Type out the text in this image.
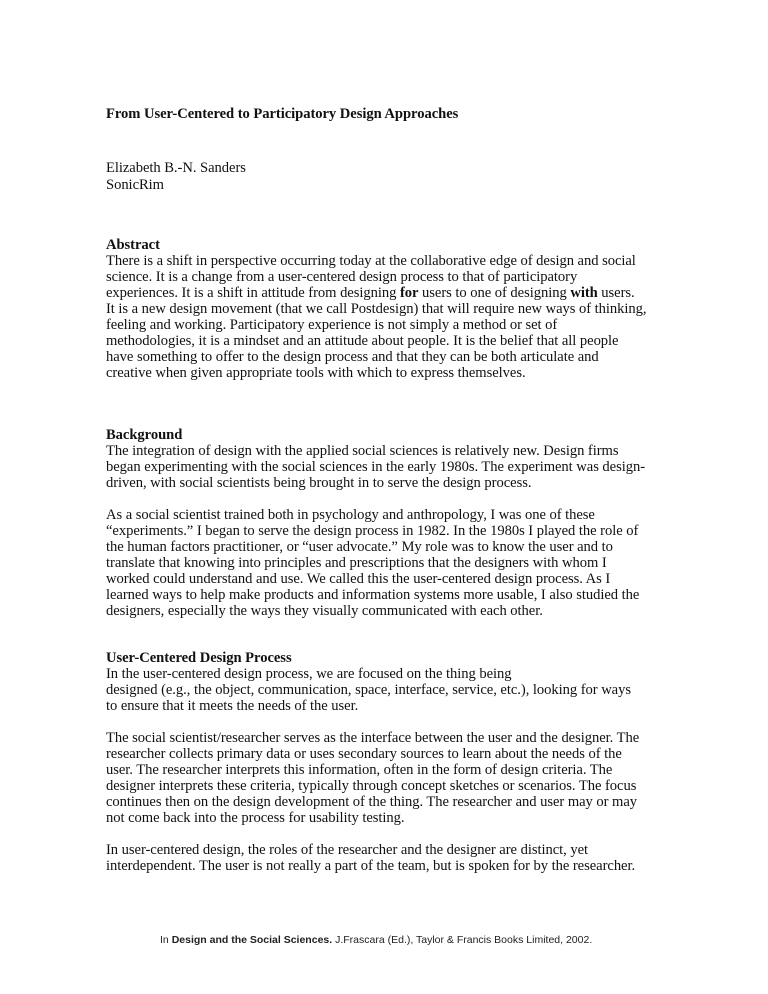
From User-Centered to Participatory Design Approaches
Elizabeth B.-N. Sanders
SonicRim
Abstract
There is a shift in perspective occurring today at the collaborative edge of design and social
science. It is a change from a user-centered design process to that of participatory
experiences. It is a shift in attitude from designing for users to one of designing with users.
It is a new design movement (that we call Postdesign) that will require new ways of thinking,
feeling and working. Participatory experience is not simply a method or set of
methodologies, it is a mindset and an attitude about people. It is the belief that all people
have something to offer to the design process and that they can be both articulate and
creative when given appropriate tools with which to express themselves.
Background
The integration of design with the applied social sciences is relatively new. Design firms
began experimenting with the social sciences in the early 1980s. The experiment was design-
driven, with social scientists being brought in to serve the design process.
As a social scientist trained both in psychology and anthropology, I was one of these
“experiments.” I began to serve the design process in 1982. In the 1980s I played the role of
the human factors practitioner, or “user advocate.” My role was to know the user and to
translate that knowing into principles and prescriptions that the designers with whom I
worked could understand and use. We called this the user-centered design process. As I
learned ways to help make products and information systems more usable, I also studied the
designers, especially the ways they visually communicated with each other.
User-Centered Design Process
In the user-centered design process, we are focused on the thing being
designed (e.g., the object, communication, space, interface, service, etc.), looking for ways
to ensure that it meets the needs of the user.
The social scientist/researcher serves as the interface between the user and the designer. The
researcher collects primary data or uses secondary sources to learn about the needs of the
user. The researcher interprets this information, often in the form of design criteria. The
designer interprets these criteria, typically through concept sketches or scenarios. The focus
continues then on the design development of the thing. The researcher and user may or may
not come back into the process for usability testing.
In user-centered design, the roles of the researcher and the designer are distinct, yet
interdependent. The user is not really a part of the team, but is spoken for by the researcher.
In Design and the Social Sciences. J.Frascara (Ed.), Taylor & Francis Books Limited, 2002.
